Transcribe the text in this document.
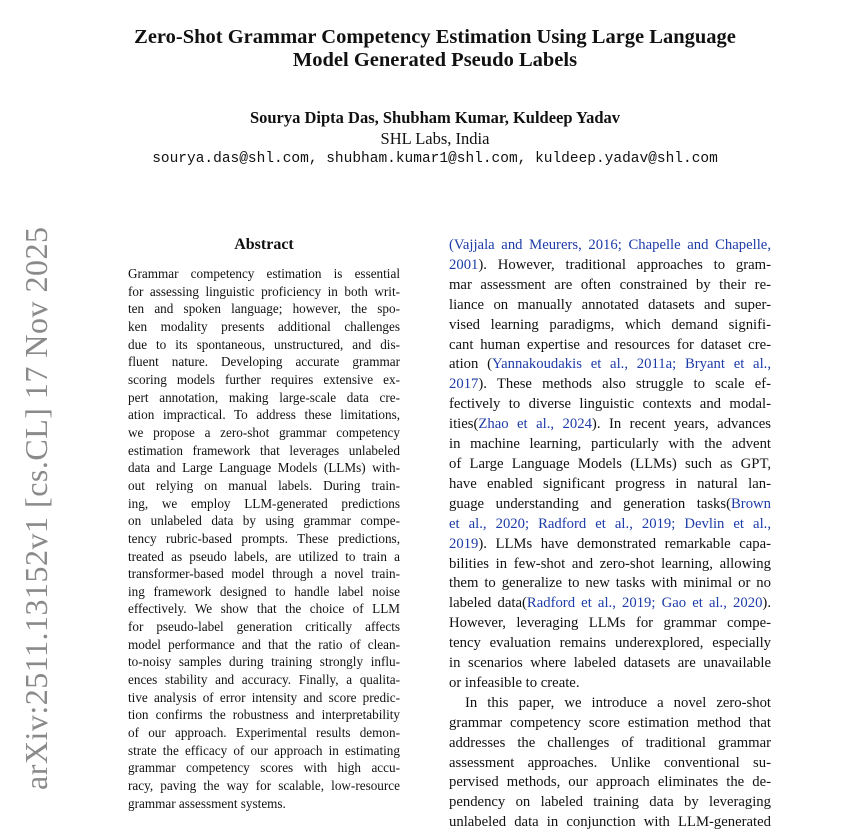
Zero-Shot Grammar Competency Estimation Using Large Language
Model Generated Pseudo Labels
Sourya Dipta Das, Shubham Kumar, Kuldeep Yadav
SHL Labs, India
sourya.das@shl.com, shubham.kumar1@shl.com, kuldeep.yadav@shl.com
arXiv:2511.13152v1 [cs.CL] 17 Nov 2025	Abstract
Grammar competency estimation is essential
for assessing linguistic proficiency in both writ-
ten and spoken language; however, the spo-
ken modality presents additional challenges
due to its spontaneous, unstructured, and dis-
fluent nature. Developing accurate grammar
scoring models further requires extensive ex-
pert annotation, making large-scale data cre-
ation impractical. To address these limitations,
we propose a zero-shot grammar competency
estimation framework that leverages unlabeled
data and Large Language Models (LLMs) with-
out relying on manual labels. During train-
ing, we employ LLM-generated predictions
on unlabeled data by using grammar compe-
tency rubric-based prompts. These predictions,
treated as pseudo labels, are utilized to train a
transformer-based model through a novel train-
ing framework designed to handle label noise
effectively. We show that the choice of LLM
for pseudo-label generation critically affects
model performance and that the ratio of clean-
to-noisy samples during training strongly influ-
ences stability and accuracy. Finally, a qualita-
tive analysis of error intensity and score predic-
tion confirms the robustness and interpretability
of our approach. Experimental results demon-
strate the efficacy of our approach in estimating
grammar competency scores with high accu-
racy, paving the way for scalable, low-resource
grammar assessment systems.
(Vajjala and Meurers, 2016; Chapelle and Chapelle,
2001). However, traditional approaches to gram-
mar assessment are often constrained by their re-
liance on manually annotated datasets and super-
vised learning paradigms, which demand signifi-
cant human expertise and resources for dataset cre-
ation (Yannakoudakis et al., 2011a; Bryant et al.,
2017). These methods also struggle to scale ef-
fectively to diverse linguistic contexts and modal-
ities(Zhao et al., 2024). In recent years, advances
in machine learning, particularly with the advent
of Large Language Models (LLMs) such as GPT,
have enabled significant progress in natural lan-
guage understanding and generation tasks(Brown
et al., 2020; Radford et al., 2019; Devlin et al.,
2019). LLMs have demonstrated remarkable capa-
bilities in few-shot and zero-shot learning, allowing
them to generalize to new tasks with minimal or no
labeled data(Radford et al., 2019; Gao et al., 2020).
However, leveraging LLMs for grammar compe-
tency evaluation remains underexplored, especially
in scenarios where labeled datasets are unavailable
or infeasible to create.
In this paper, we introduce a novel zero-shot
grammar competency score estimation method that
addresses the challenges of traditional grammar
assessment approaches. Unlike conventional su-
pervised methods, our approach eliminates the de-
pendency on labeled training data by leveraging
unlabeled data in conjunction with LLM-generated
